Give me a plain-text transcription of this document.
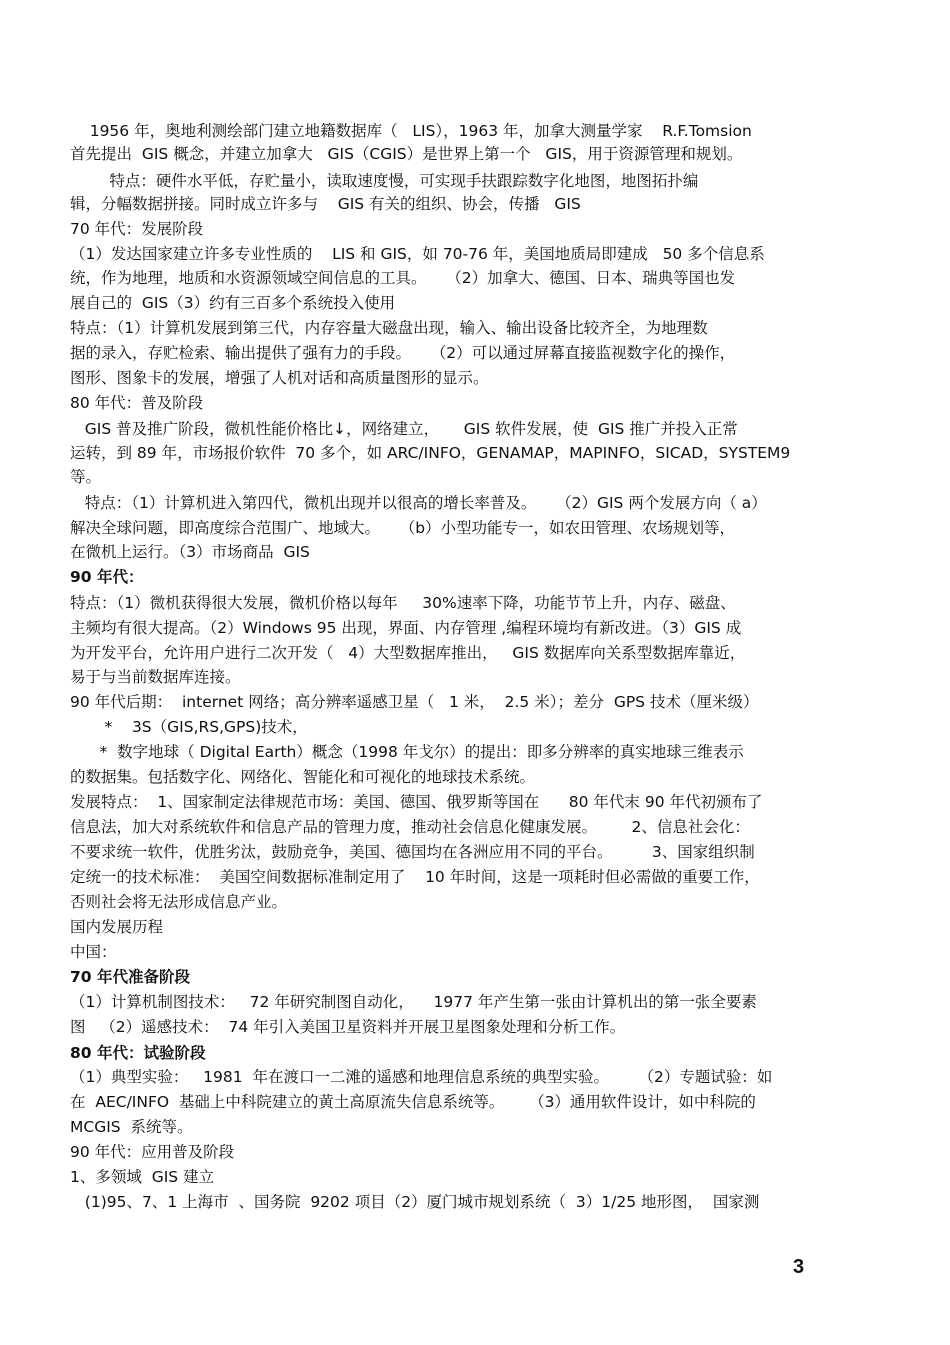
1956 年，奥地利测绘部门建立地籍数据库（   LIS），1963 年，加拿大测量学家    R.F.Tomsion
首先提出  GIS 概念，并建立加拿大   GIS（CGIS）是世界上第一个   GIS，用于资源管理和规划。
特点：硬件水平低，存贮量小，读取速度慢，可实现手扶跟踪数字化地图，地图拓扑编
辑，分幅数据拼接。同时成立许多与    GIS 有关的组织、协会，传播   GIS
70 年代：发展阶段
（1）发达国家建立许多专业性质的    LIS 和 GIS，如 70-76 年，美国地质局即建成   50 多个信息系
统，作为地理，地质和水资源领域空间信息的工具。    （2）加拿大、德国、日本、瑞典等国也发
展自己的  GIS（3）约有三百多个系统投入使用
特点：（1）计算机发展到第三代，内存容量大磁盘出现，输入、输出设备比较齐全，为地理数
据的录入，存贮检索、输出提供了强有力的手段。    （2）可以通过屏幕直接监视数字化的操作，
图形、图象卡的发展，增强了人机对话和高质量图形的显示。
80 年代：普及阶段
GIS 普及推广阶段，微机性能价格比↓，网络建立，     GIS 软件发展，使  GIS 推广并投入正常
运转，到 89 年，市场报价软件  70 多个，如 ARC/INFO，GENAMAP，MAPINFO，SICAD，SYSTEM9
等。
特点：（1）计算机进入第四代，微机出现并以很高的增长率普及。    （2）GIS 两个发展方向（ a）
解决全球问题，即高度综合范围广、地域大。    （b）小型功能专一，如农田管理、农场规划等，
在微机上运行。（3）市场商品  GIS
90 年代：
特点：（1）微机获得很大发展，微机价格以每年     30%速率下降，功能节节上升，内存、磁盘、
主频均有很大提高。（2）Windows 95 出现，界面、内存管理 ,编程环境均有新改进。（3）GIS 成
为开发平台，允许用户进行二次开发（   4）大型数据库推出，   GIS 数据库向关系型数据库靠近，
易于与当前数据库连接。
90 年代后期：  internet 网络；高分辨率遥感卫星（   1 米，  2.5 米）；差分  GPS 技术（厘米级）
*    3S（GIS,RS,GPS)技术，
*  数字地球（ Digital Earth）概念（1998 年戈尔）的提出：即多分辨率的真实地球三维表示
的数据集。包括数字化、网络化、智能化和可视化的地球技术系统。
发展特点：  1、国家制定法律规范市场：美国、德国、俄罗斯等国在      80 年代末 90 年代初颁布了
信息法，加大对系统软件和信息产品的管理力度，推动社会信息化健康发展。       2、信息社会化：
不要求统一软件，优胜劣汰，鼓励竞争，美国、德国均在各洲应用不同的平台。        3、国家组织制
定统一的技术标准：  美国空间数据标准制定用了    10 年时间，这是一项耗时但必需做的重要工作，
否则社会将无法形成信息产业。
国内发展历程
中国：
70 年代准备阶段
（1）计算机制图技术：   72 年研究制图自动化，    1977 年产生第一张由计算机出的第一张全要素
图   （2）遥感技术：  74 年引入美国卫星资料并开展卫星图象处理和分析工作。
80 年代：试验阶段
（1）典型实验：   1981  年在渡口一二滩的遥感和地理信息系统的典型实验。      （2）专题试验：如
在  AEC/INFO  基础上中科院建立的黄土高原流失信息系统等。     （3）通用软件设计，如中科院的
MCGIS  系统等。
90 年代：应用普及阶段
1、多领域  GIS 建立
(1)95、7、1 上海市  、国务院  9202 项目（2）厦门城市规划系统（  3）1/25 地形图，  国家测
3
